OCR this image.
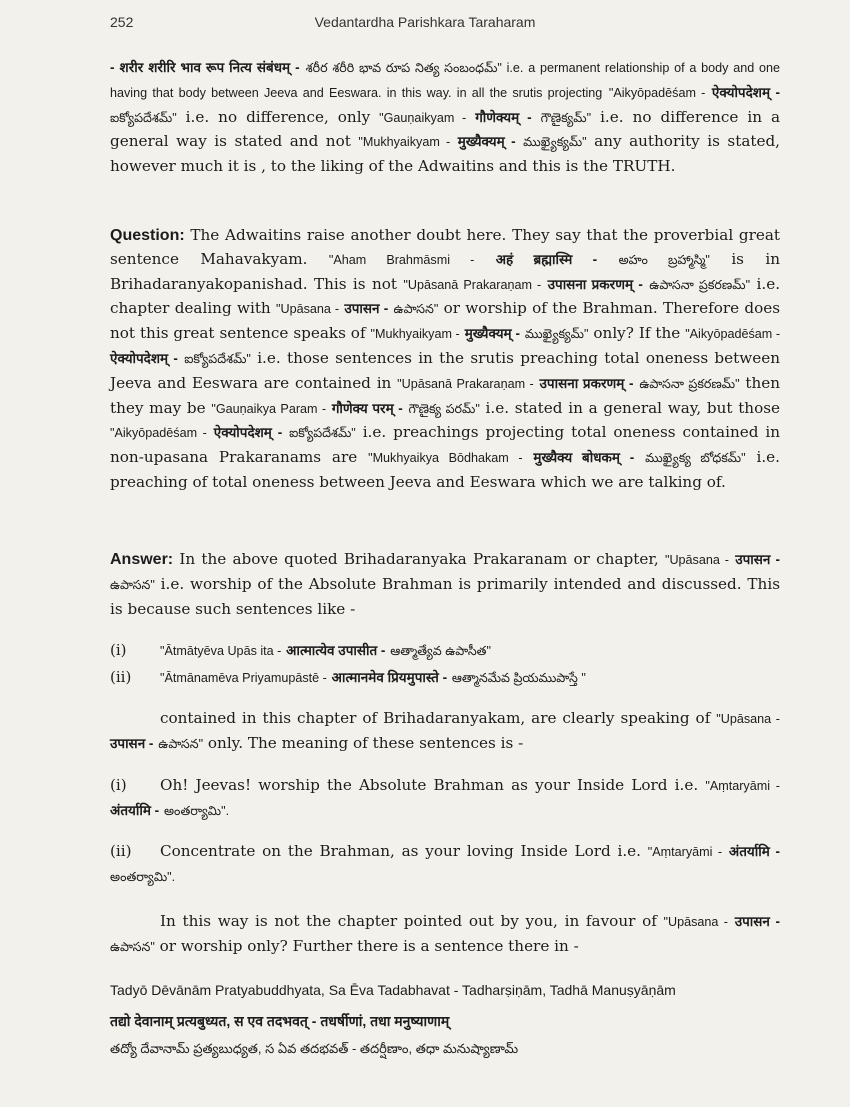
252	Vedantardha Parishkara Taraharam

- शरीर शरीरि भाव रूप नित्य संबंधम् - శరీర శరీరి భావ రూప నిత్య సంబంధమ్" i.e. a permanent relationship of a body and one having that body between Jeeva and Eeswara. in this way. in all the srutis projecting "Aikyōpadēśam - ऐक्योपदेशम् - ఐక్యోపదేశమ్" i.e. no difference, only "Gauṇaikyam - गौणेक्यम् - గౌణైక్యమ్" i.e. no difference in a general way is stated and not "Mukhyaikyam - मुख्यैक्यम् - ముఖ్యైక్యమ్" any authority is stated, however much it is , to the liking of the Adwaitins and this is the TRUTH.

Question: The Adwaitins raise another doubt here. They say that the proverbial great sentence Mahavakyam. "Aham Brahmāsmi - अहं ब्रह्मास्मि - అహం బ్రహ్మాస్మి" is in Brihadaranyakopanishad. This is not "Upāsanā Prakaraṇam - उपासना प्रकरणम् - ఉపాసనా ప్రకరణమ్" i.e. chapter dealing with "Upāsana - उपासन - ఉపాసన" or worship of the Brahman. Therefore does not this great sentence speaks of "Mukhyaikyam - मुख्यैक्यम् - ముఖ్యైక్యమ్" only? If the "Aikyōpadēśam - ऐक्योपदेशम् - ఐక్యోపదేశమ్" i.e. those sentences in the srutis preaching total oneness between Jeeva and Eeswara are contained in "Upāsanā Prakaraṇam - उपासना प्रकरणम् - ఉపాసనా ప్రకరణమ్" then they may be "Gauṇaikya Param - गौणेक्य परम् - గౌణైక్య పరమ్" i.e. stated in a general way, but those "Aikyōpadēśam - ऐक्योपदेशम् - ఐక్యోపదేశమ్" i.e. preachings projecting total oneness contained in non-upasana Prakaranams are "Mukhyaikya Bōdhakam - मुख्यैक्य बोधकम् - ముఖ్యైక్య బోధకమ్" i.e. preaching of total oneness between Jeeva and Eeswara which we are talking of.

Answer: In the above quoted Brihadaranyaka Prakaranam or chapter, "Upāsana - उपासन - ఉపాసన" i.e. worship of the Absolute Brahman is primarily intended and discussed. This is because such sentences like -

(i)	"Ātmātyēva Upās ita - आत्मात्येव उपासीत - ఆత్మాత్యేవ ఉపాసీత"
(ii) "Ātmānamēva Priyamupāstē - आत्मानमेव प्रियमुपास्ते - ఆత్మానమేవ ప్రియముపాస్తే "

contained in this chapter of Brihadaranyakam, are clearly speaking of "Upāsana - उपासन - ఉపాసన" only. The meaning of these sentences is -

(i) Oh! Jeevas! worship the Absolute Brahman as your Inside Lord i.e. "Aṃtaryāmi - अंतर्यामि - అంతర్యామి".

(ii) Concentrate on the Brahman, as your loving Inside Lord i.e. "Aṃtaryāmi - अंतर्यामि - అంతర్యామి".

In this way is not the chapter pointed out by you, in favour of "Upāsana - उपासन - ఉపాసన" or worship only? Further there is a sentence there in -

Tadyō Dēvānām Pratyabuddhyata, Sa Ēva Tadabhavat - Tadharṣiṇām, Tadhā Manuṣyāṇām
तद्यो देवानाम् प्रत्यबुध्यत, स एव तदभवत् - तधर्षीणां, तधा मनुष्याणाम्
తద్యో దేవానామ్ ప్రత్యబుధ్యత, స ఏవ తదభవత్ - తదర్షీణాం, తధా మనుష్యాణామ్
